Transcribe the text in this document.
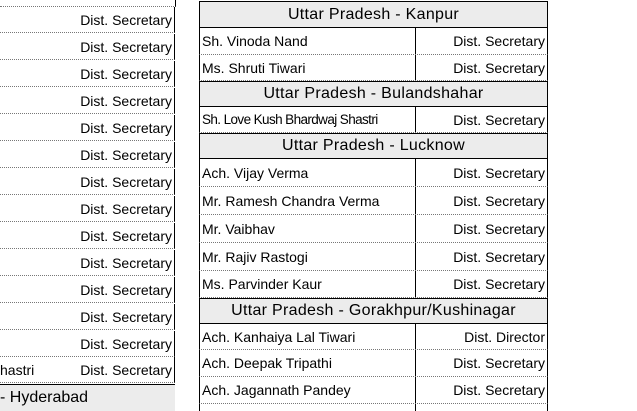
Dist. Secretary
Dist. Secretary
Dist. Secretary
Dist. Secretary
Dist. Secretary
Dist. Secretary
Dist. Secretary
Dist. Secretary
Dist. Secretary
Dist. Secretary
Dist. Secretary
Dist. Secretary
Dist. Secretary
hastri	Dist. Secretary
- Hyderabad
Uttar Pradesh - Kanpur
Sh. Vinoda Nand	Dist. Secretary
Ms. Shruti Tiwari	Dist. Secretary
Uttar Pradesh - Bulandshahar
Sh. Love Kush Bhardwaj Shastri	Dist. Secretary
Uttar Pradesh - Lucknow
Ach. Vijay Verma	Dist. Secretary
Mr. Ramesh Chandra Verma	Dist. Secretary
Mr. Vaibhav	Dist. Secretary
Mr. Rajiv Rastogi	Dist. Secretary
Ms. Parvinder Kaur	Dist. Secretary
Uttar Pradesh - Gorakhpur/Kushinagar
Ach. Kanhaiya Lal Tiwari	Dist. Director
Ach. Deepak Tripathi	Dist. Secretary
Ach. Jagannath Pandey	Dist. Secretary
